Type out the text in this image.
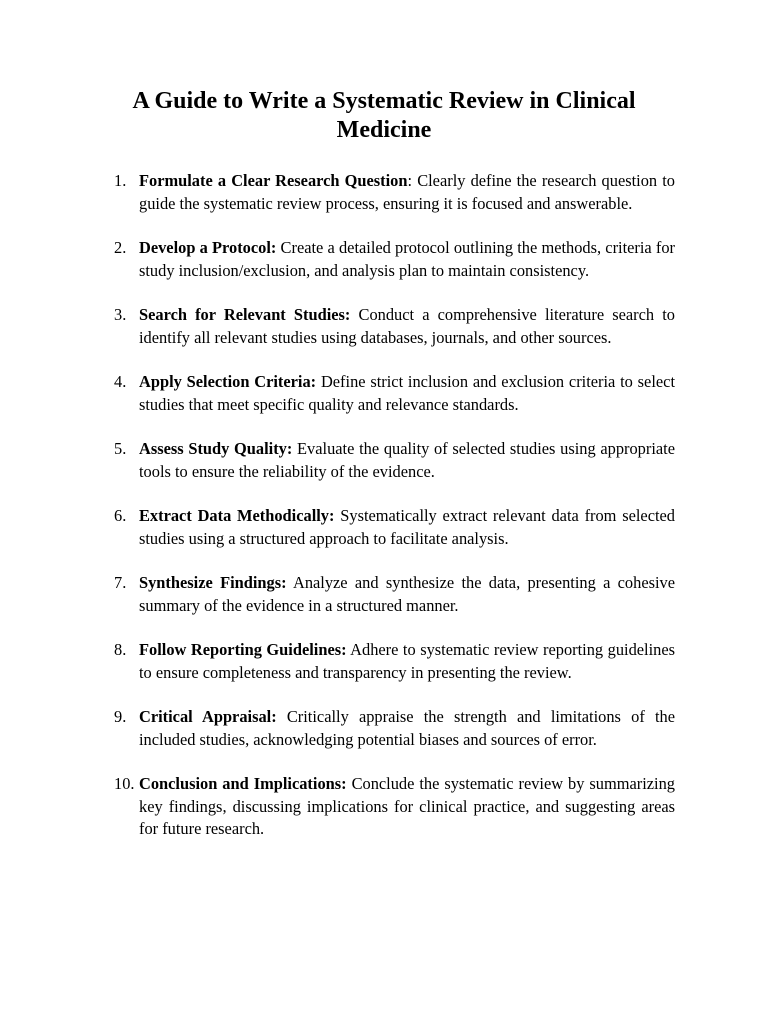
A Guide to Write a Systematic Review in Clinical Medicine
1. Formulate a Clear Research Question: Clearly define the research question to guide the systematic review process, ensuring it is focused and answerable.
2. Develop a Protocol: Create a detailed protocol outlining the methods, criteria for study inclusion/exclusion, and analysis plan to maintain consistency.
3. Search for Relevant Studies: Conduct a comprehensive literature search to identify all relevant studies using databases, journals, and other sources.
4. Apply Selection Criteria: Define strict inclusion and exclusion criteria to select studies that meet specific quality and relevance standards.
5. Assess Study Quality: Evaluate the quality of selected studies using appropriate tools to ensure the reliability of the evidence.
6. Extract Data Methodically: Systematically extract relevant data from selected studies using a structured approach to facilitate analysis.
7. Synthesize Findings: Analyze and synthesize the data, presenting a cohesive summary of the evidence in a structured manner.
8. Follow Reporting Guidelines: Adhere to systematic review reporting guidelines to ensure completeness and transparency in presenting the review.
9. Critical Appraisal: Critically appraise the strength and limitations of the included studies, acknowledging potential biases and sources of error.
10. Conclusion and Implications: Conclude the systematic review by summarizing key findings, discussing implications for clinical practice, and suggesting areas for future research.
